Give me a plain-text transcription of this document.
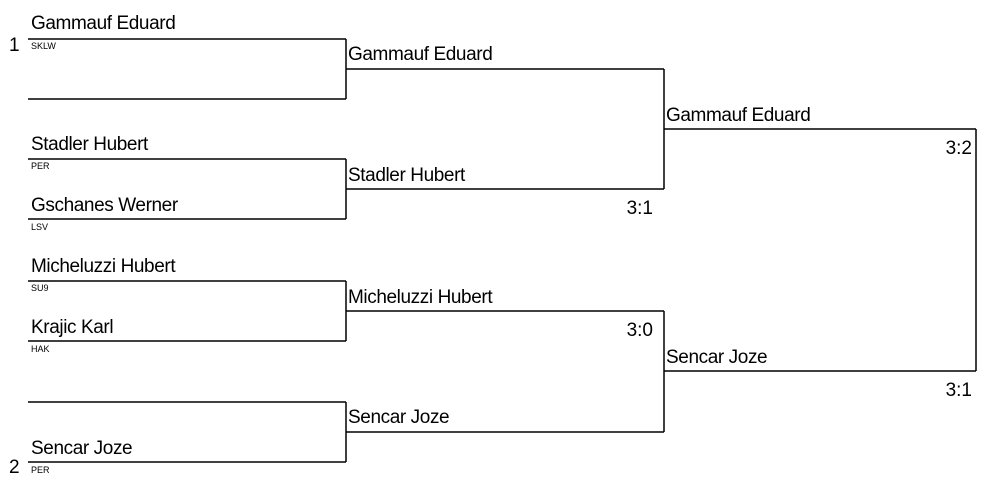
1
Gammauf Eduard
SKLW
Stadler Hubert
PER
Gschanes Werner
LSV
Micheluzzi Hubert
SU9
Krajic Karl
HAK
2
Sencar Joze
PER
Gammauf Eduard
Stadler Hubert
3:1
Micheluzzi Hubert
3:0
Sencar Joze
Gammauf Eduard
3:2
Sencar Joze
3:1
